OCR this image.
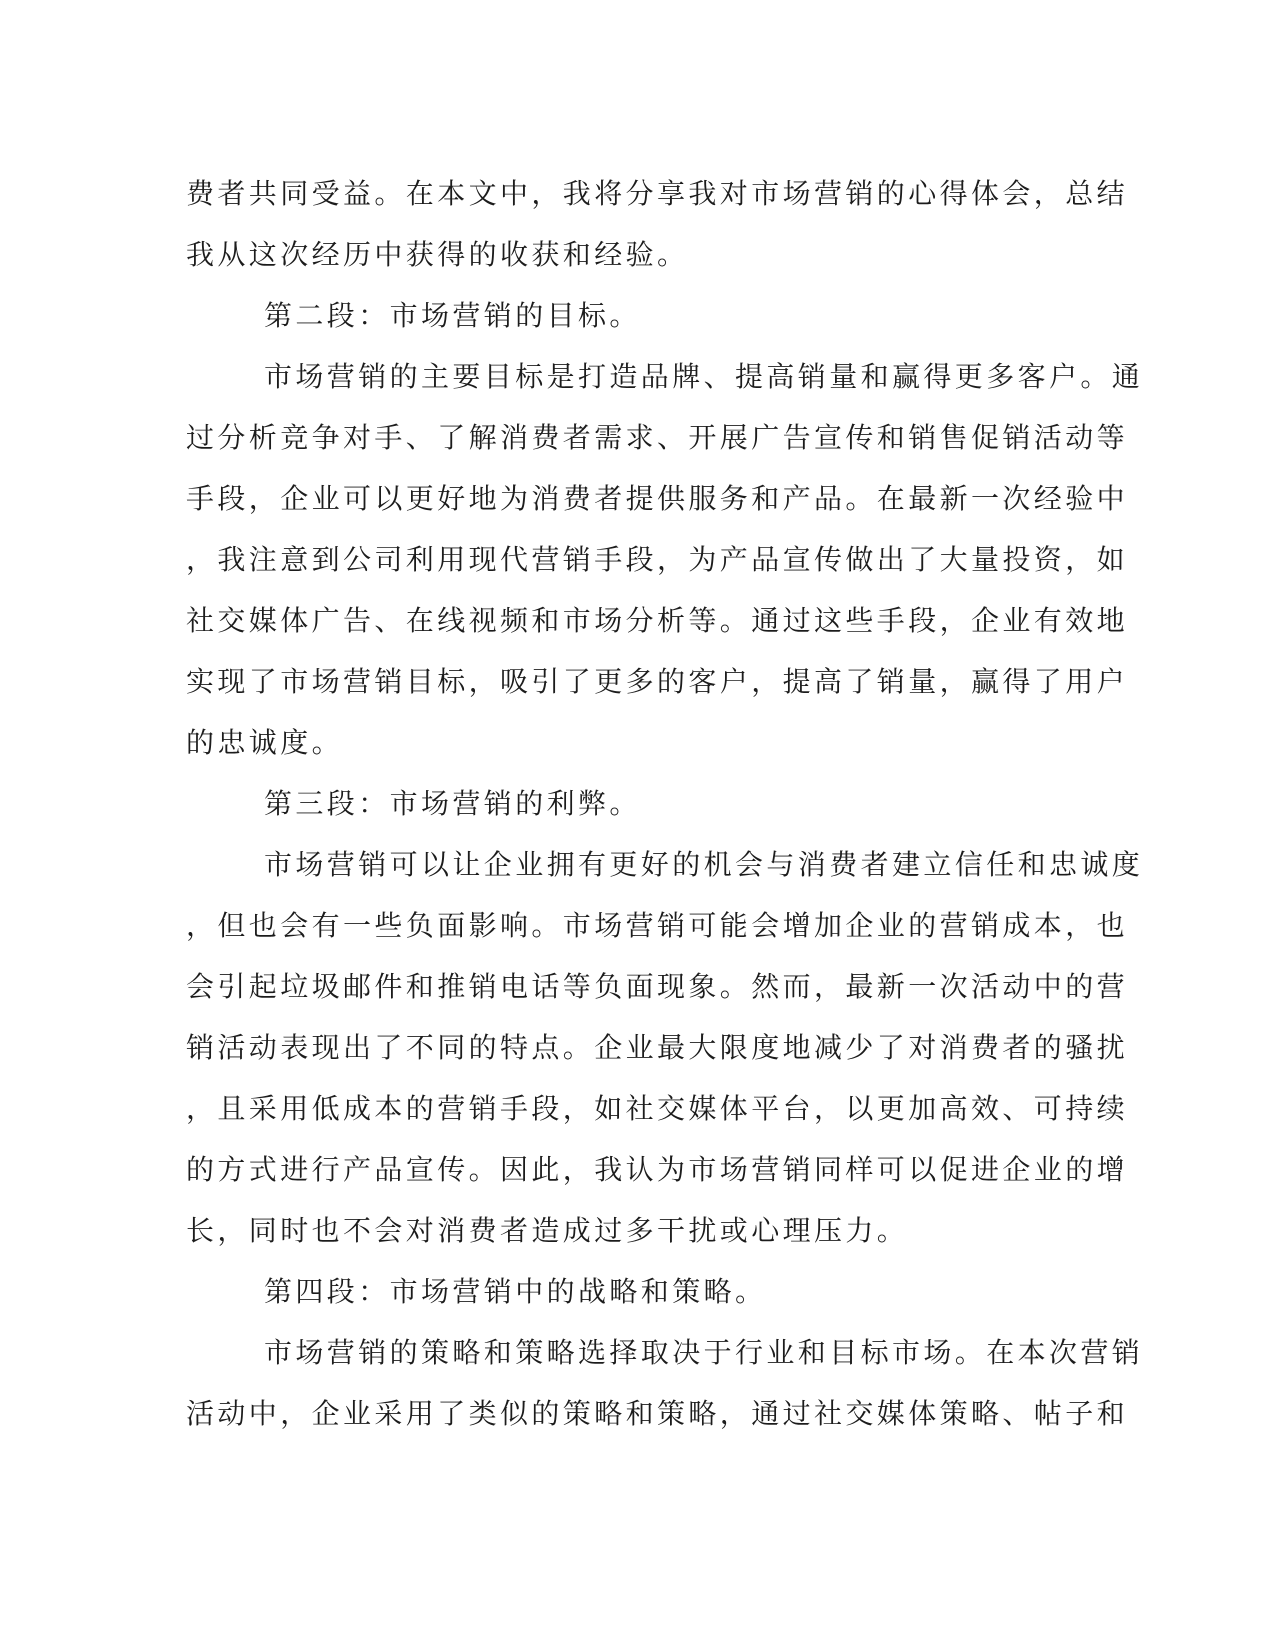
费者共同受益。在本文中，我将分享我对市场营销的心得体会，总结
我从这次经历中获得的收获和经验。
第二段：市场营销的目标。
市场营销的主要目标是打造品牌、提高销量和赢得更多客户。通
过分析竞争对手、了解消费者需求、开展广告宣传和销售促销活动等
手段，企业可以更好地为消费者提供服务和产品。在最新一次经验中
，我注意到公司利用现代营销手段，为产品宣传做出了大量投资，如
社交媒体广告、在线视频和市场分析等。通过这些手段，企业有效地
实现了市场营销目标，吸引了更多的客户，提高了销量，赢得了用户
的忠诚度。
第三段：市场营销的利弊。
市场营销可以让企业拥有更好的机会与消费者建立信任和忠诚度
，但也会有一些负面影响。市场营销可能会增加企业的营销成本，也
会引起垃圾邮件和推销电话等负面现象。然而，最新一次活动中的营
销活动表现出了不同的特点。企业最大限度地减少了对消费者的骚扰
，且采用低成本的营销手段，如社交媒体平台，以更加高效、可持续
的方式进行产品宣传。因此，我认为市场营销同样可以促进企业的增
长，同时也不会对消费者造成过多干扰或心理压力。
第四段：市场营销中的战略和策略。
市场营销的策略和策略选择取决于行业和目标市场。在本次营销
活动中，企业采用了类似的策略和策略，通过社交媒体策略、帖子和
